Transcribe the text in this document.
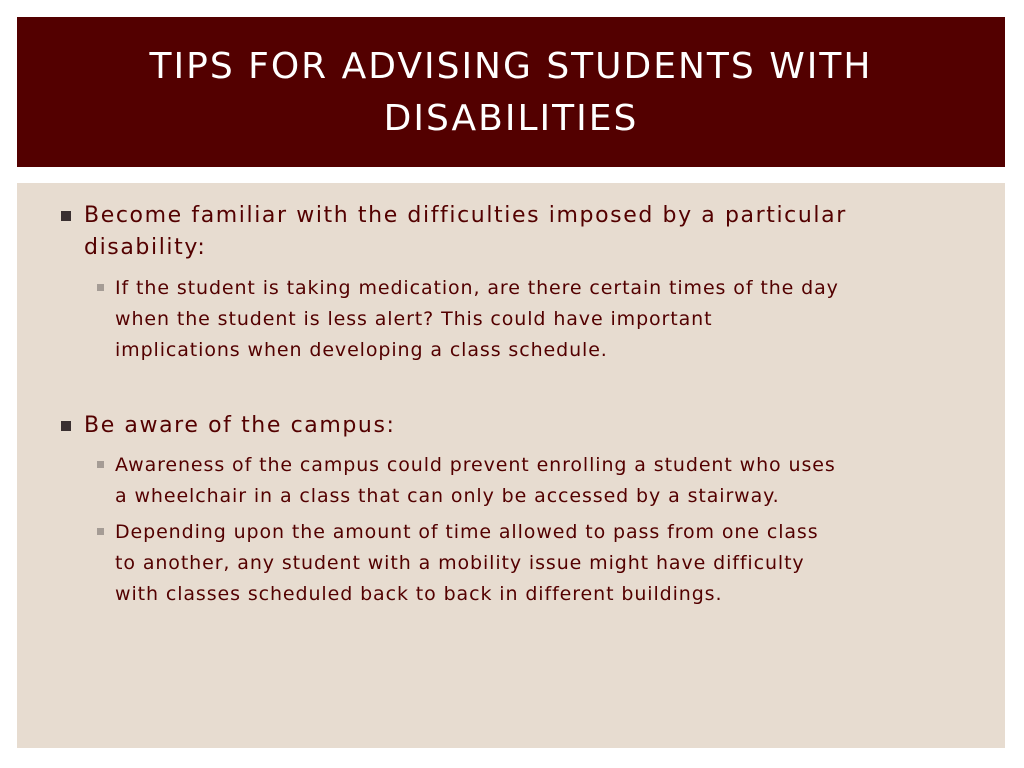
TIPS FOR ADVISING STUDENTS WITH
DISABILITIES
Become familiar with the difficulties imposed by a particular
disability:
If the student is taking medication, are there certain times of the day
when the student is less alert? This could have important
implications when developing a class schedule.
Be aware of the campus:
Awareness of the campus could prevent enrolling a student who uses
a wheelchair in a class that can only be accessed by a stairway.
Depending upon the amount of time allowed to pass from one class
to another, any student with a mobility issue might have difficulty
with classes scheduled back to back in different buildings.
